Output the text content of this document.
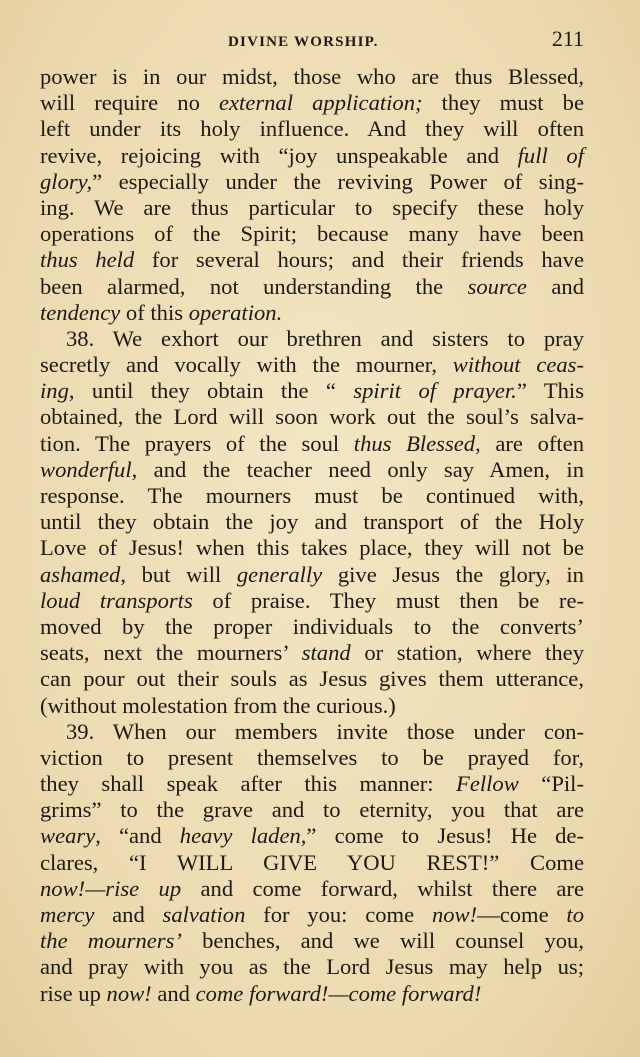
DIVINE WORSHIP.	211
power is in our midst, those who are thus Blessed,
will require no external application; they must be
left under its holy influence. And they will often
revive, rejoicing with “joy unspeakable and full of
glory,” especially under the reviving Power of sing-
ing. We are thus particular to specify these holy
operations of the Spirit; because many have been
thus held for several hours; and their friends have
been alarmed, not understanding the source and
tendency of this operation.
38. We exhort our brethren and sisters to pray
secretly and vocally with the mourner, without ceas-
ing, until they obtain the “ spirit of prayer.” This
obtained, the Lord will soon work out the soul’s salva-
tion. The prayers of the soul thus Blessed, are often
wonderful, and the teacher need only say Amen, in
response. The mourners must be continued with,
until they obtain the joy and transport of the Holy
Love of Jesus! when this takes place, they will not be
ashamed, but will generally give Jesus the glory, in
loud transports of praise. They must then be re-
moved by the proper individuals to the converts’
seats, next the mourners’ stand or station, where they
can pour out their souls as Jesus gives them utterance,
(without molestation from the curious.)
39. When our members invite those under con-
viction to present themselves to be prayed for,
they shall speak after this manner: Fellow “Pil-
grims” to the grave and to eternity, you that are
weary, “and heavy laden,” come to Jesus! He de-
clares, “I WILL GIVE YOU REST!” Come
now!—rise up and come forward, whilst there are
mercy and salvation for you: come now!—come to
the mourners’ benches, and we will counsel you,
and pray with you as the Lord Jesus may help us;
rise up now! and come forward!—come forward!
